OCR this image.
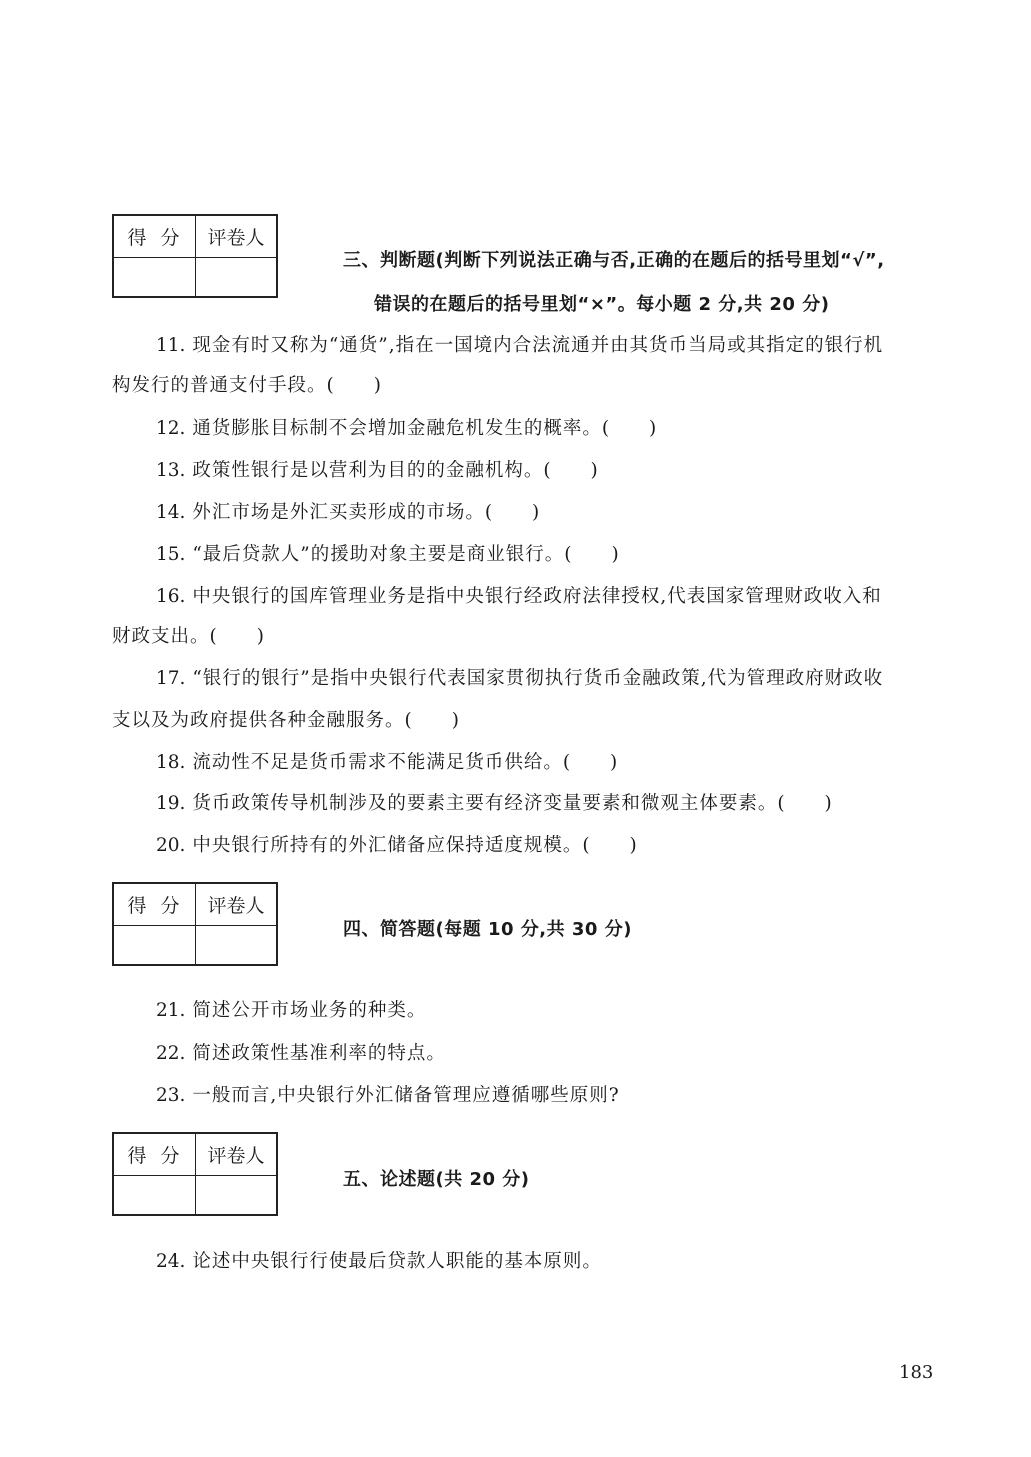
得分 评卷人
三、判断题(判断下列说法正确与否,正确的在题后的括号里划“√”,
错误的在题后的括号里划“×”。每小题 2 分,共 20 分)
11. 现金有时又称为“通货”,指在一国境内合法流通并由其货币当局或其指定的银行机
构发行的普通支付手段。(　　)
12. 通货膨胀目标制不会增加金融危机发生的概率。(　　)
13. 政策性银行是以营利为目的的金融机构。(　　)
14. 外汇市场是外汇买卖形成的市场。(　　)
15. “最后贷款人”的援助对象主要是商业银行。(　　)
16. 中央银行的国库管理业务是指中央银行经政府法律授权,代表国家管理财政收入和
财政支出。(　　)
17. “银行的银行”是指中央银行代表国家贯彻执行货币金融政策,代为管理政府财政收
支以及为政府提供各种金融服务。(　　)
18. 流动性不足是货币需求不能满足货币供给。(　　)
19. 货币政策传导机制涉及的要素主要有经济变量要素和微观主体要素。(　　)
20. 中央银行所持有的外汇储备应保持适度规模。(　　)
得分 评卷人
四、简答题(每题 10 分,共 30 分)
21. 简述公开市场业务的种类。
22. 简述政策性基准利率的特点。
23. 一般而言,中央银行外汇储备管理应遵循哪些原则?
得分 评卷人
五、论述题(共 20 分)
24. 论述中央银行行使最后贷款人职能的基本原则。
183
